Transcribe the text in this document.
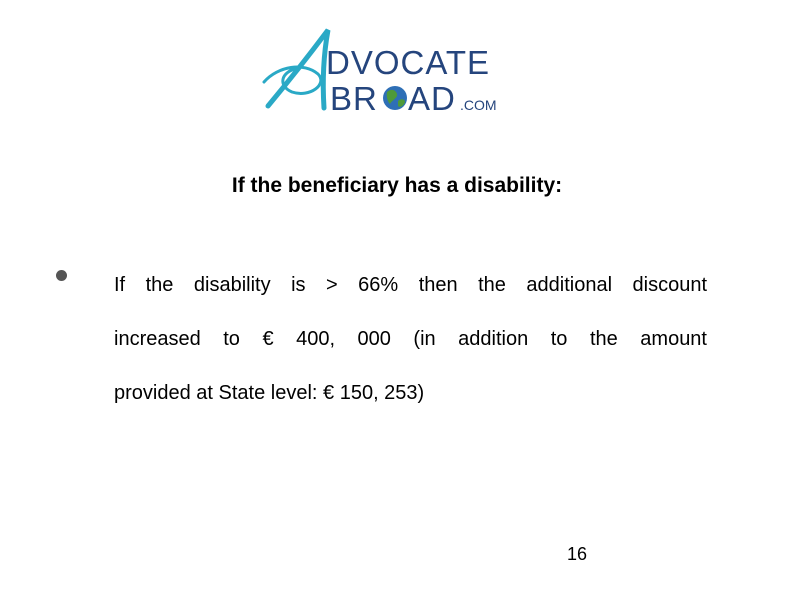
DVOCATE
BR AD .COM
If the beneficiary has a disability:
If the disability is > 66% then the additional discount
increased to € 400, 000 (in addition to the amount
provided at State level: € 150, 253)
16
